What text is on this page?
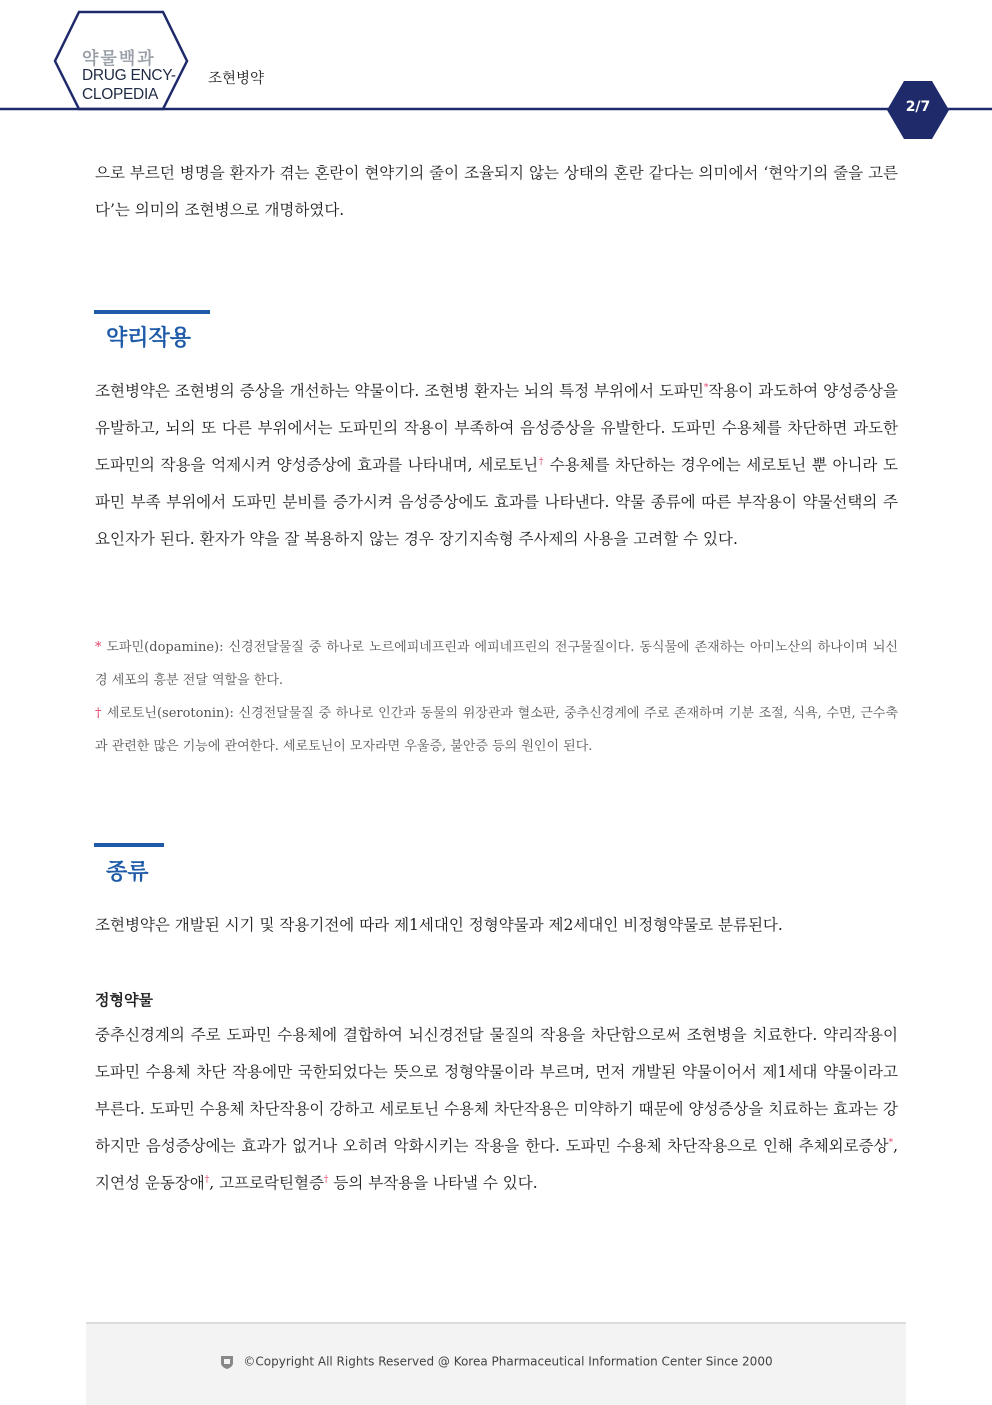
약물백과
DRUG ENCY-
CLOPEDIA
조현병약
2/7
으로 부르던 병명을 환자가 겪는 혼란이 현약기의 줄이 조율되지 않는 상태의 혼란 같다는 의미에서 ‘현악기의 줄을 고른다’는 의미의 조현병으로 개명하였다.
약리작용
조현병약은 조현병의 증상을 개선하는 약물이다. 조현병 환자는 뇌의 특정 부위에서 도파민*작용이 과도하여 양성증상을 유발하고, 뇌의 또 다른 부위에서는 도파민의 작용이 부족하여 음성증상을 유발한다. 도파민 수용체를 차단하면 과도한 도파민의 작용을 억제시켜 양성증상에 효과를 나타내며, 세로토닌† 수용체를 차단하는 경우에는 세로토닌 뿐 아니라 도파민 부족 부위에서 도파민 분비를 증가시켜 음성증상에도 효과를 나타낸다. 약물 종류에 따른 부작용이 약물선택의 주요인자가 된다. 환자가 약을 잘 복용하지 않는 경우 장기지속형 주사제의 사용을 고려할 수 있다.
* 도파민(dopamine): 신경전달물질 중 하나로 노르에피네프린과 에피네프린의 전구물질이다. 동식물에 존재하는 아미노산의 하나이며 뇌신경 세포의 흥분 전달 역할을 한다.
† 세로토닌(serotonin): 신경전달물질 중 하나로 인간과 동물의 위장관과 혈소판, 중추신경계에 주로 존재하며 기분 조절, 식욕, 수면, 근수축과 관련한 많은 기능에 관여한다. 세로토닌이 모자라면 우울증, 불안증 등의 원인이 된다.
종류
조현병약은 개발된 시기 및 작용기전에 따라 제1세대인 정형약물과 제2세대인 비정형약물로 분류된다.
정형약물
중추신경계의 주로 도파민 수용체에 결합하여 뇌신경전달 물질의 작용을 차단함으로써 조현병을 치료한다. 약리작용이 도파민 수용체 차단 작용에만 국한되었다는 뜻으로 정형약물이라 부르며, 먼저 개발된 약물이어서 제1세대 약물이라고 부른다. 도파민 수용체 차단작용이 강하고 세로토닌 수용체 차단작용은 미약하기 때문에 양성증상을 치료하는 효과는 강하지만 음성증상에는 효과가 없거나 오히려 악화시키는 작용을 한다. 도파민 수용체 차단작용으로 인해 추체외로증상*, 지연성 운동장애†, 고프로락틴혈증† 등의 부작용을 나타낼 수 있다.
©Copyright All Rights Reserved @ Korea Pharmaceutical Information Center Since 2000
